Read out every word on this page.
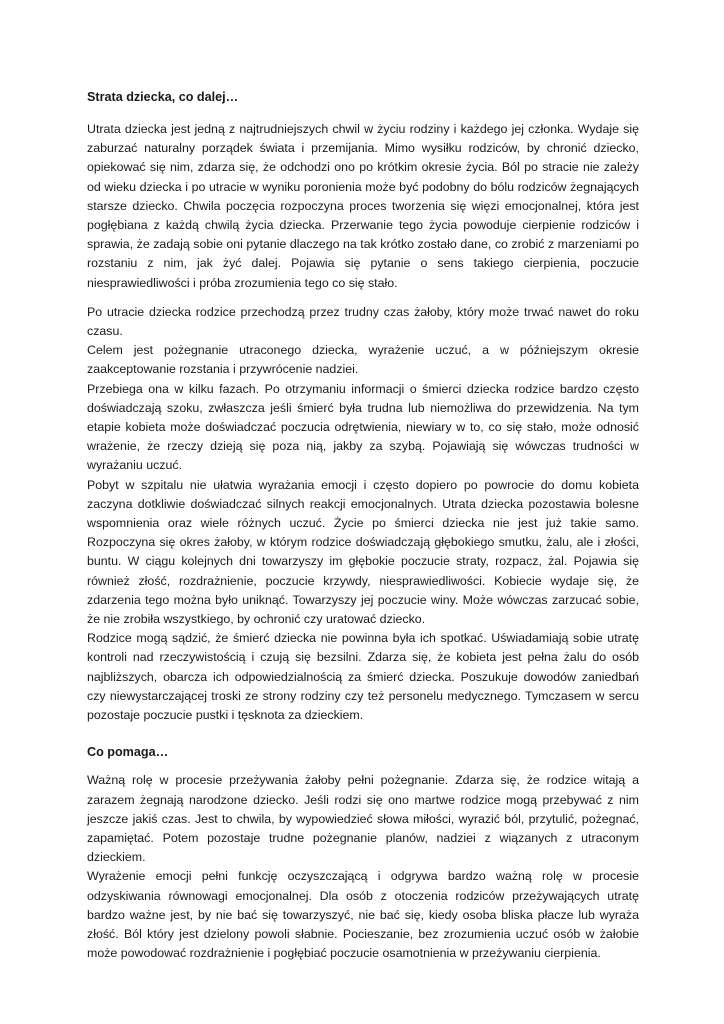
Strata dziecka, co dalej…

Utrata dziecka jest jedną z najtrudniejszych chwil w życiu rodziny i każdego jej członka. Wydaje się zaburzać naturalny porządek świata i przemijania. Mimo wysiłku rodziców, by chronić dziecko, opiekować się nim, zdarza się, że odchodzi ono po krótkim okresie życia. Ból po stracie nie zależy od wieku dziecka i po utracie w wyniku poronienia może być podobny do bólu rodziców żegnających starsze dziecko. Chwila poczęcia rozpoczyna proces tworzenia się więzi emocjonalnej, która jest pogłębiana z każdą chwilą życia dziecka. Przerwanie tego życia powoduje cierpienie rodziców i sprawia, że zadają sobie oni pytanie dlaczego na tak krótko zostało dane, co zrobić z marzeniami po rozstaniu z nim, jak żyć dalej. Pojawia się pytanie o sens takiego cierpienia, poczucie niesprawiedliwości i próba zrozumienia tego co się stało.

Po utracie dziecka rodzice przechodzą przez trudny czas żałoby, który może trwać nawet do roku czasu.

Celem jest pożegnanie utraconego dziecka, wyrażenie uczuć, a w późniejszym okresie zaakceptowanie rozstania i przywrócenie nadziei.

Przebiega ona w kilku fazach. Po otrzymaniu informacji o śmierci dziecka rodzice bardzo często doświadczają szoku, zwłaszcza jeśli śmierć była trudna lub niemożliwa do przewidzenia. Na tym etapie kobieta może doświadczać poczucia odrętwienia, niewiary w to, co się stało, może odnosić wrażenie, że rzeczy dzieją się poza nią, jakby za szybą. Pojawiają się wówczas trudności w wyrażaniu uczuć.

Pobyt w szpitalu nie ułatwia wyrażania emocji i często dopiero po powrocie do domu kobieta zaczyna dotkliwie doświadczać silnych reakcji emocjonalnych. Utrata dziecka pozostawia bolesne wspomnienia oraz wiele różnych uczuć. Życie po śmierci dziecka nie jest już takie samo. Rozpoczyna się okres żałoby, w którym rodzice doświadczają głębokiego smutku, żalu, ale i złości, buntu. W ciągu kolejnych dni towarzyszy im głębokie poczucie straty, rozpacz, żal. Pojawia się również złość, rozdrażnienie, poczucie krzywdy, niesprawiedliwości. Kobiecie wydaje się, że zdarzenia tego można było uniknąć. Towarzyszy jej poczucie winy. Może wówczas zarzucać sobie, że nie zrobiła wszystkiego, by ochronić czy uratować dziecko.

Rodzice mogą sądzić, że śmierć dziecka nie powinna była ich spotkać. Uświadamiają sobie utratę kontroli nad rzeczywistością i czują się bezsilni. Zdarza się, że kobieta jest pełna żalu do osób najbliższych, obarcza ich odpowiedzialnością za śmierć dziecka. Poszukuje dowodów zaniedbań czy niewystarczającej troski ze strony rodziny czy też personelu medycznego. Tymczasem w sercu pozostaje poczucie pustki i tęsknota za dzieckiem.

Co pomaga…

Ważną rolę w procesie przeżywania żałoby pełni pożegnanie. Zdarza się, że rodzice witają a zarazem żegnają narodzone dziecko. Jeśli rodzi się ono martwe rodzice mogą przebywać z nim jeszcze jakiś czas. Jest to chwila, by wypowiedzieć słowa miłości, wyrazić ból, przytulić, pożegnać, zapamiętać. Potem pozostaje trudne pożegnanie planów, nadziei z wiązanych z utraconym dzieckiem.

Wyrażenie emocji pełni funkcję oczyszczającą i odgrywa bardzo ważną rolę w procesie odzyskiwania równowagi emocjonalnej. Dla osób z otoczenia rodziców przeżywających utratę bardzo ważne jest, by nie bać się towarzyszyć, nie bać się, kiedy osoba bliska płacze lub wyraża złość. Ból który jest dzielony powoli słabnie. Pocieszanie, bez zrozumienia uczuć osób w żałobie może powodować rozdrażnienie i pogłębiać poczucie osamotnienia w przeżywaniu cierpienia.
